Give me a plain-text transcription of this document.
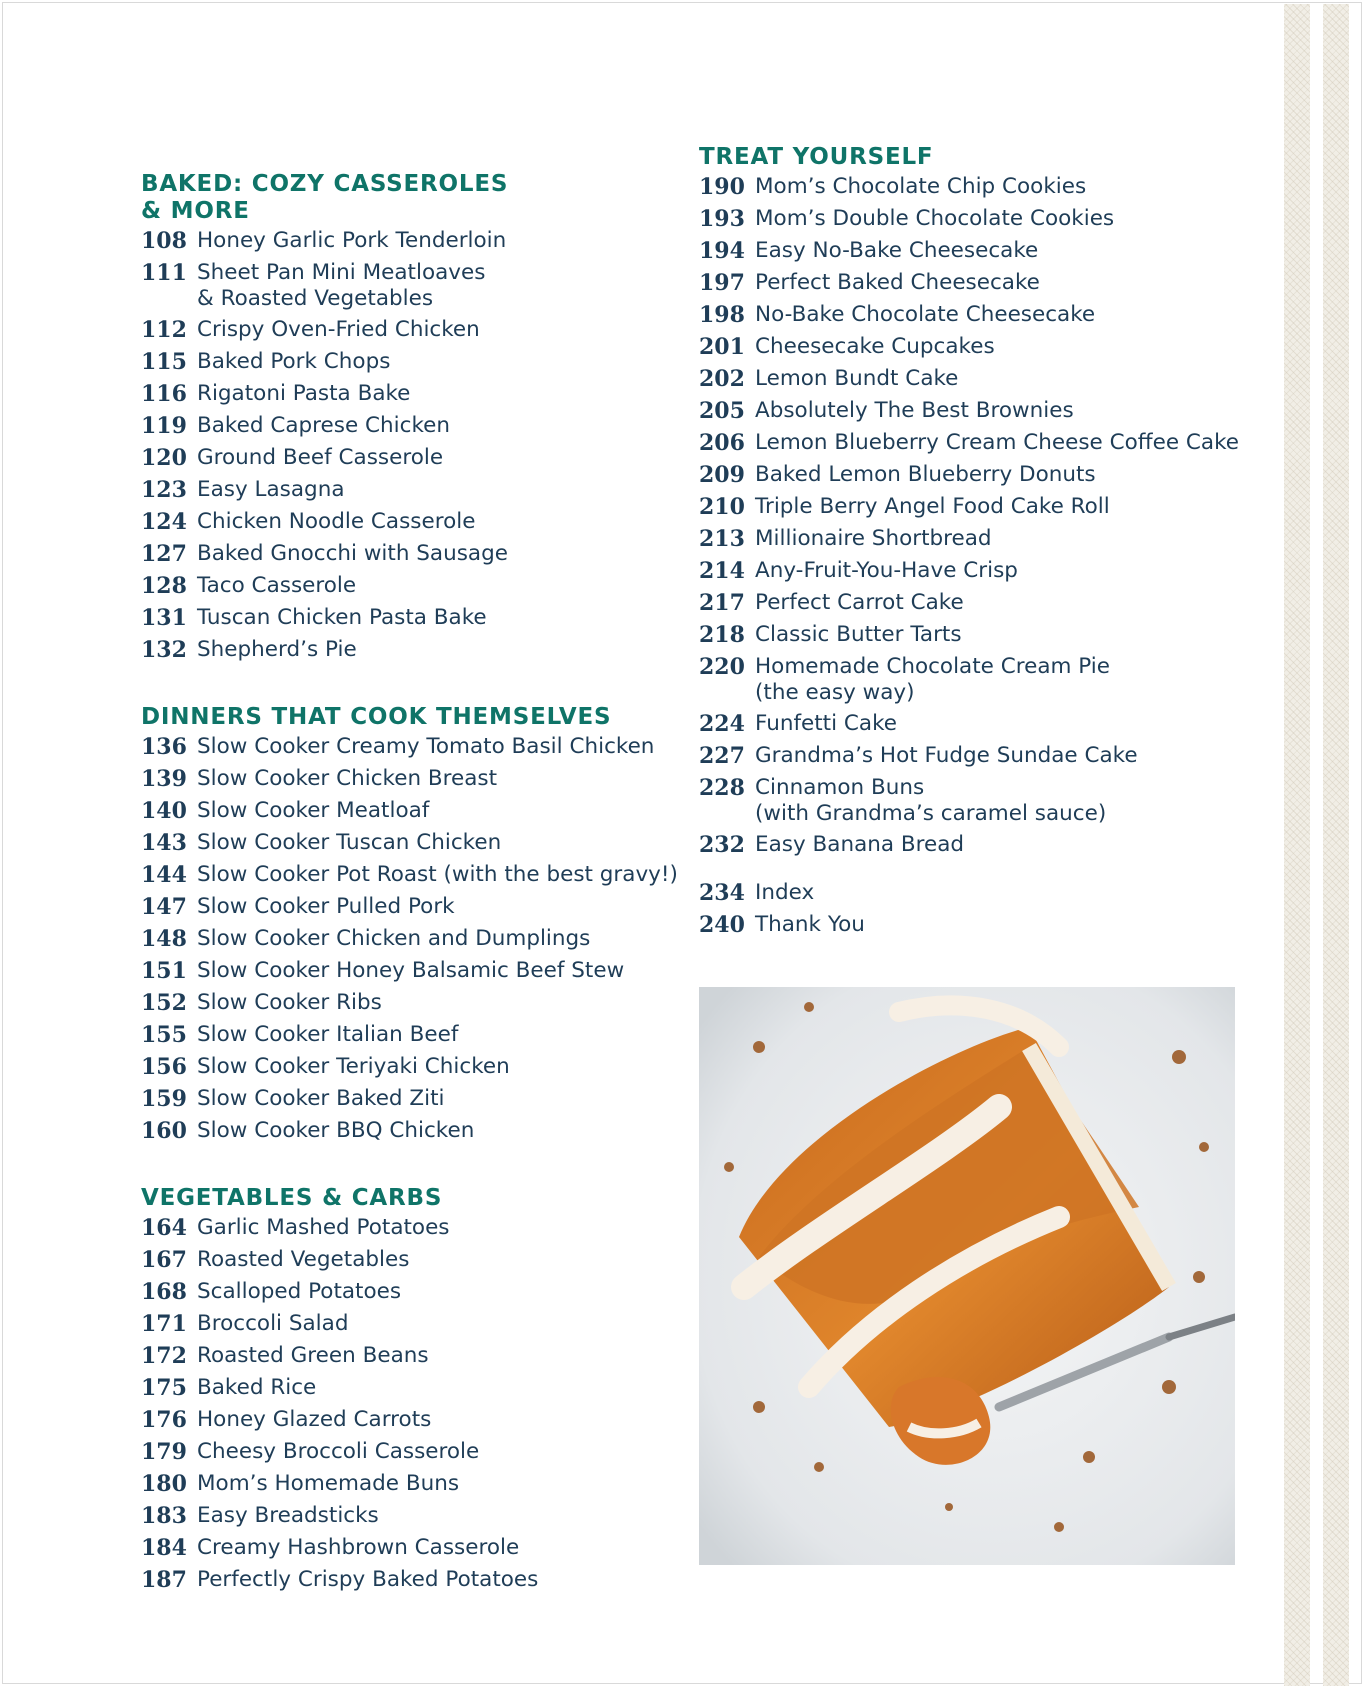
BAKED: COZY CASSEROLES
& MORE

108 Honey Garlic Pork Tenderloin
111 Sheet Pan Mini Meatloaves
& Roasted Vegetables
112 Crispy Oven-Fried Chicken
115 Baked Pork Chops
116 Rigatoni Pasta Bake
119 Baked Caprese Chicken
120 Ground Beef Casserole
123 Easy Lasagna
124 Chicken Noodle Casserole
127 Baked Gnocchi with Sausage
128 Taco Casserole
131 Tuscan Chicken Pasta Bake
132 Shepherd’s Pie
DINNERS THAT COOK THEMSELVES
136 Slow Cooker Creamy Tomato Basil Chicken
139 Slow Cooker Chicken Breast
140 Slow Cooker Meatloaf
143 Slow Cooker Tuscan Chicken
144 Slow Cooker Pot Roast (with the best gravy!)
147 Slow Cooker Pulled Pork
148 Slow Cooker Chicken and Dumplings
151 Slow Cooker Honey Balsamic Beef Stew
152 Slow Cooker Ribs
155 Slow Cooker Italian Beef
156 Slow Cooker Teriyaki Chicken
159 Slow Cooker Baked Ziti
160 Slow Cooker BBQ Chicken
VEGETABLES & CARBS
164 Garlic Mashed Potatoes
167 Roasted Vegetables
168 Scalloped Potatoes
171 Broccoli Salad
172 Roasted Green Beans
175 Baked Rice
176 Honey Glazed Carrots
179 Cheesy Broccoli Casserole
180 Mom’s Homemade Buns
183 Easy Breadsticks
184 Creamy Hashbrown Casserole
187 Perfectly Crispy Baked Potatoes
TREAT YOURSELF
190 Mom’s Chocolate Chip Cookies
193 Mom’s Double Chocolate Cookies
194 Easy No-Bake Cheesecake
197 Perfect Baked Cheesecake
198 No-Bake Chocolate Cheesecake
201 Cheesecake Cupcakes
202 Lemon Bundt Cake
205 Absolutely The Best Brownies
206 Lemon Blueberry Cream Cheese Coffee Cake
209 Baked Lemon Blueberry Donuts
210 Triple Berry Angel Food Cake Roll
213 Millionaire Shortbread
214 Any-Fruit-You-Have Crisp
217 Perfect Carrot Cake
218 Classic Butter Tarts
220 Homemade Chocolate Cream Pie
(the easy way)
224 Funfetti Cake
227 Grandma’s Hot Fudge Sundae Cake
228 Cinnamon Buns
(with Grandma’s caramel sauce)
232 Easy Banana Bread
234 Index
240 Thank You
